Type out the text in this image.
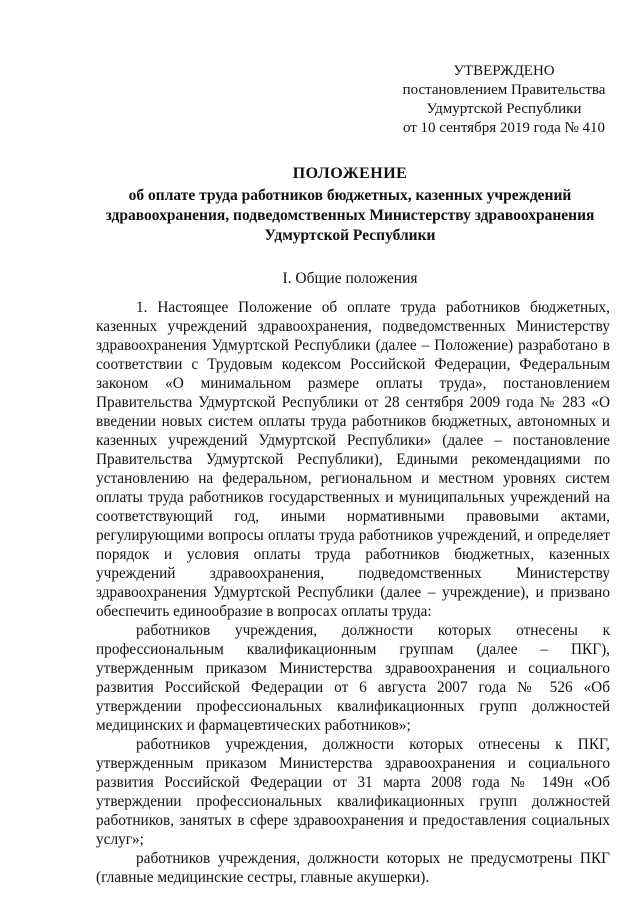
УТВЕРЖДЕНО
постановлением Правительства
Удмуртской Республики
от 10 сентября 2019 года № 410
ПОЛОЖЕНИЕ
об оплате труда работников бюджетных, казенных учреждений
здравоохранения, подведомственных Министерству здравоохранения
Удмуртской Республики
I. Общие положения

1. Настоящее Положение об оплате труда работников бюджетных, казенных учреждений здравоохранения, подведомственных Министерству здравоохранения Удмуртской Республики (далее – Положение) разработано в соответствии с Трудовым кодексом Российской Федерации, Федеральным законом «О минимальном размере оплаты труда», постановлением Правительства Удмуртской Республики от 28 сентября 2009 года № 283 «О введении новых систем оплаты труда работников бюджетных, автономных и казенных учреждений Удмуртской Республики» (далее – постановление Правительства Удмуртской Республики), Едиными рекомендациями по установлению на федеральном, региональном и местном уровнях систем оплаты труда работников государственных и муниципальных учреждений на соответствующий год, иными нормативными правовыми актами, регулирующими вопросы оплаты труда работников учреждений, и определяет порядок и условия оплаты труда работников бюджетных, казенных учреждений здравоохранения, подведомственных Министерству здравоохранения Удмуртской Республики (далее – учреждение), и призвано обеспечить единообразие в вопросах оплаты труда:

работников учреждения, должности которых отнесены к профессиональным квалификационным группам (далее – ПКГ), утвержденным приказом Министерства здравоохранения и социального развития Российской Федерации от 6 августа 2007 года № 526 «Об утверждении профессиональных квалификационных групп должностей медицинских и фармацевтических работников»;

работников учреждения, должности которых отнесены к ПКГ, утвержденным приказом Министерства здравоохранения и социального развития Российской Федерации от 31 марта 2008 года № 149н «Об утверждении профессиональных квалификационных групп должностей работников, занятых в сфере здравоохранения и предоставления социальных услуг»;

работников учреждения, должности которых не предусмотрены ПКГ (главные медицинские сестры, главные акушерки).
